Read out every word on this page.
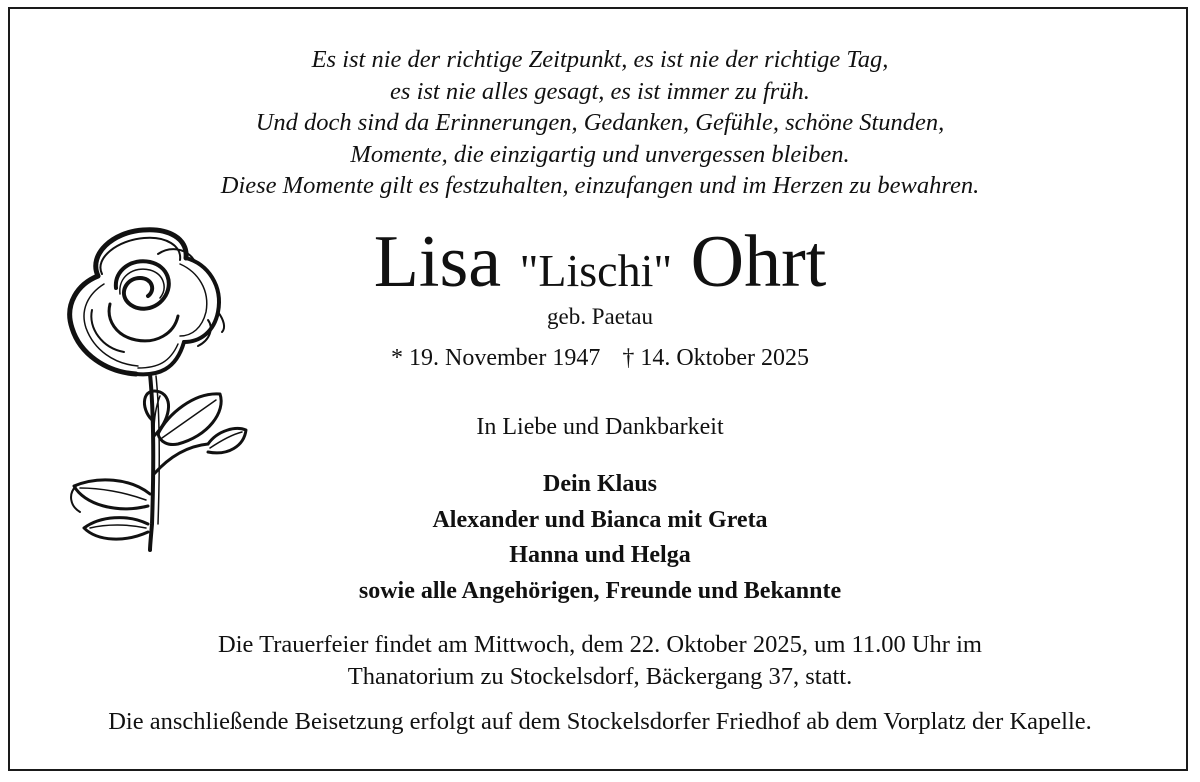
Es ist nie der richtige Zeitpunkt, es ist nie der richtige Tag,
es ist nie alles gesagt, es ist immer zu früh.
Und doch sind da Erinnerungen, Gedanken, Gefühle, schöne Stunden,
Momente, die einzigartig und unvergessen bleiben.
Diese Momente gilt es festzuhalten, einzufangen und im Herzen zu bewahren.
Lisa "Lischi" Ohrt
geb. Paetau
* 19. November 1947 † 14. Oktober 2025
In Liebe und Dankbarkeit
Dein Klaus
Alexander und Bianca mit Greta
Hanna und Helga
sowie alle Angehörigen, Freunde und Bekannte
Die Trauerfeier findet am Mittwoch, dem 22. Oktober 2025, um 11.00 Uhr im
Thanatorium zu Stockelsdorf, Bäckergang 37, statt.
Die anschließende Beisetzung erfolgt auf dem Stockelsdorfer Friedhof ab dem Vorplatz der Kapelle.
